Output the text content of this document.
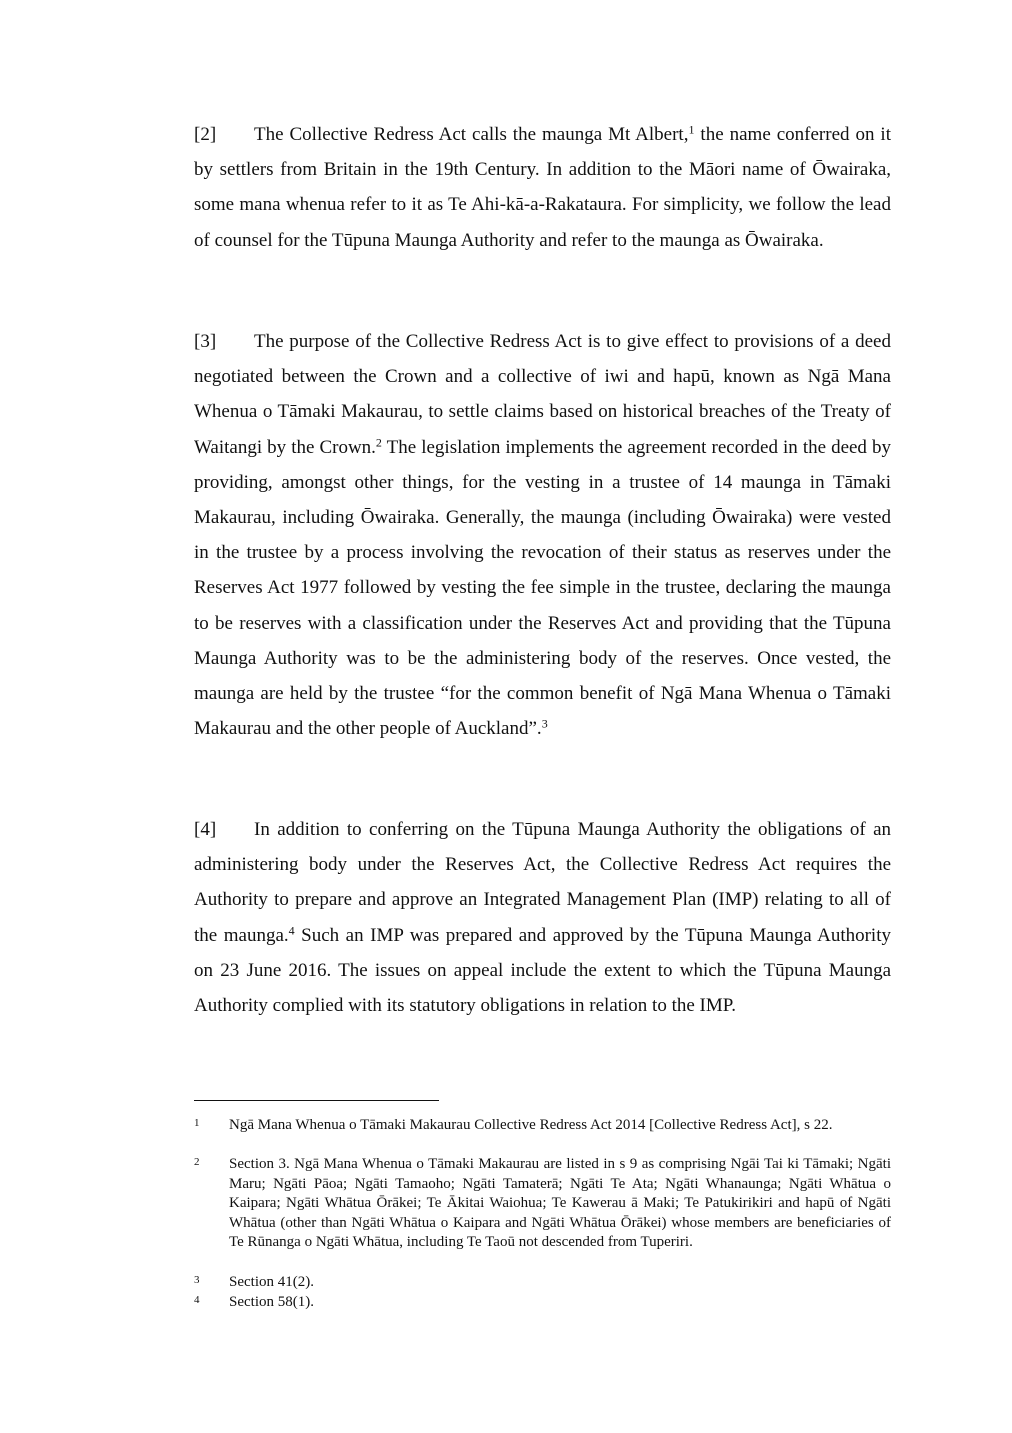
[2] The Collective Redress Act calls the maunga Mt Albert,$^1$ the name conferred on it by settlers from Britain in the 19th Century. In addition to the Māori name of Ōwairaka, some mana whenua refer to it as Te Ahi-kā-a-Rakataura. For simplicity, we follow the lead of counsel for the Tūpuna Maunga Authority and refer to the maunga as Ōwairaka.
[3] The purpose of the Collective Redress Act is to give effect to provisions of a deed negotiated between the Crown and a collective of iwi and hapū, known as Ngā Mana Whenua o Tāmaki Makaurau, to settle claims based on historical breaches of the Treaty of Waitangi by the Crown.$^2$ The legislation implements the agreement recorded in the deed by providing, amongst other things, for the vesting in a trustee of 14 maunga in Tāmaki Makaurau, including Ōwairaka. Generally, the maunga (including Ōwairaka) were vested in the trustee by a process involving the revocation of their status as reserves under the Reserves Act 1977 followed by vesting the fee simple in the trustee, declaring the maunga to be reserves with a classification under the Reserves Act and providing that the Tūpuna Maunga Authority was to be the administering body of the reserves. Once vested, the maunga are held by the trustee “for the common benefit of Ngā Mana Whenua o Tāmaki Makaurau and the other people of Auckland”.$^3$
[4] In addition to conferring on the Tūpuna Maunga Authority the obligations of an administering body under the Reserves Act, the Collective Redress Act requires the Authority to prepare and approve an Integrated Management Plan (IMP) relating to all of the maunga.$^4$ Such an IMP was prepared and approved by the Tūpuna Maunga Authority on 23 June 2016. The issues on appeal include the extent to which the Tūpuna Maunga Authority complied with its statutory obligations in relation to the IMP.
1 Ngā Mana Whenua o Tāmaki Makaurau Collective Redress Act 2014 [Collective Redress Act], s 22.
2 Section 3. Ngā Mana Whenua o Tāmaki Makaurau are listed in s 9 as comprising Ngāi Tai ki Tāmaki; Ngāti Maru; Ngāti Pāoa; Ngāti Tamaoho; Ngāti Tamaterā; Ngāti Te Ata; Ngāti Whanaunga; Ngāti Whātua o Kaipara; Ngāti Whātua Ōrākei; Te Ākitai Waiohua; Te Kawerau ā Maki; Te Patukirikiri and hapū of Ngāti Whātua (other than Ngāti Whātua o Kaipara and Ngāti Whātua Ōrākei) whose members are beneficiaries of Te Rūnanga o Ngāti Whātua, including Te Taoū not descended from Tuperiri.
3 Section 41(2).
4 Section 58(1).
